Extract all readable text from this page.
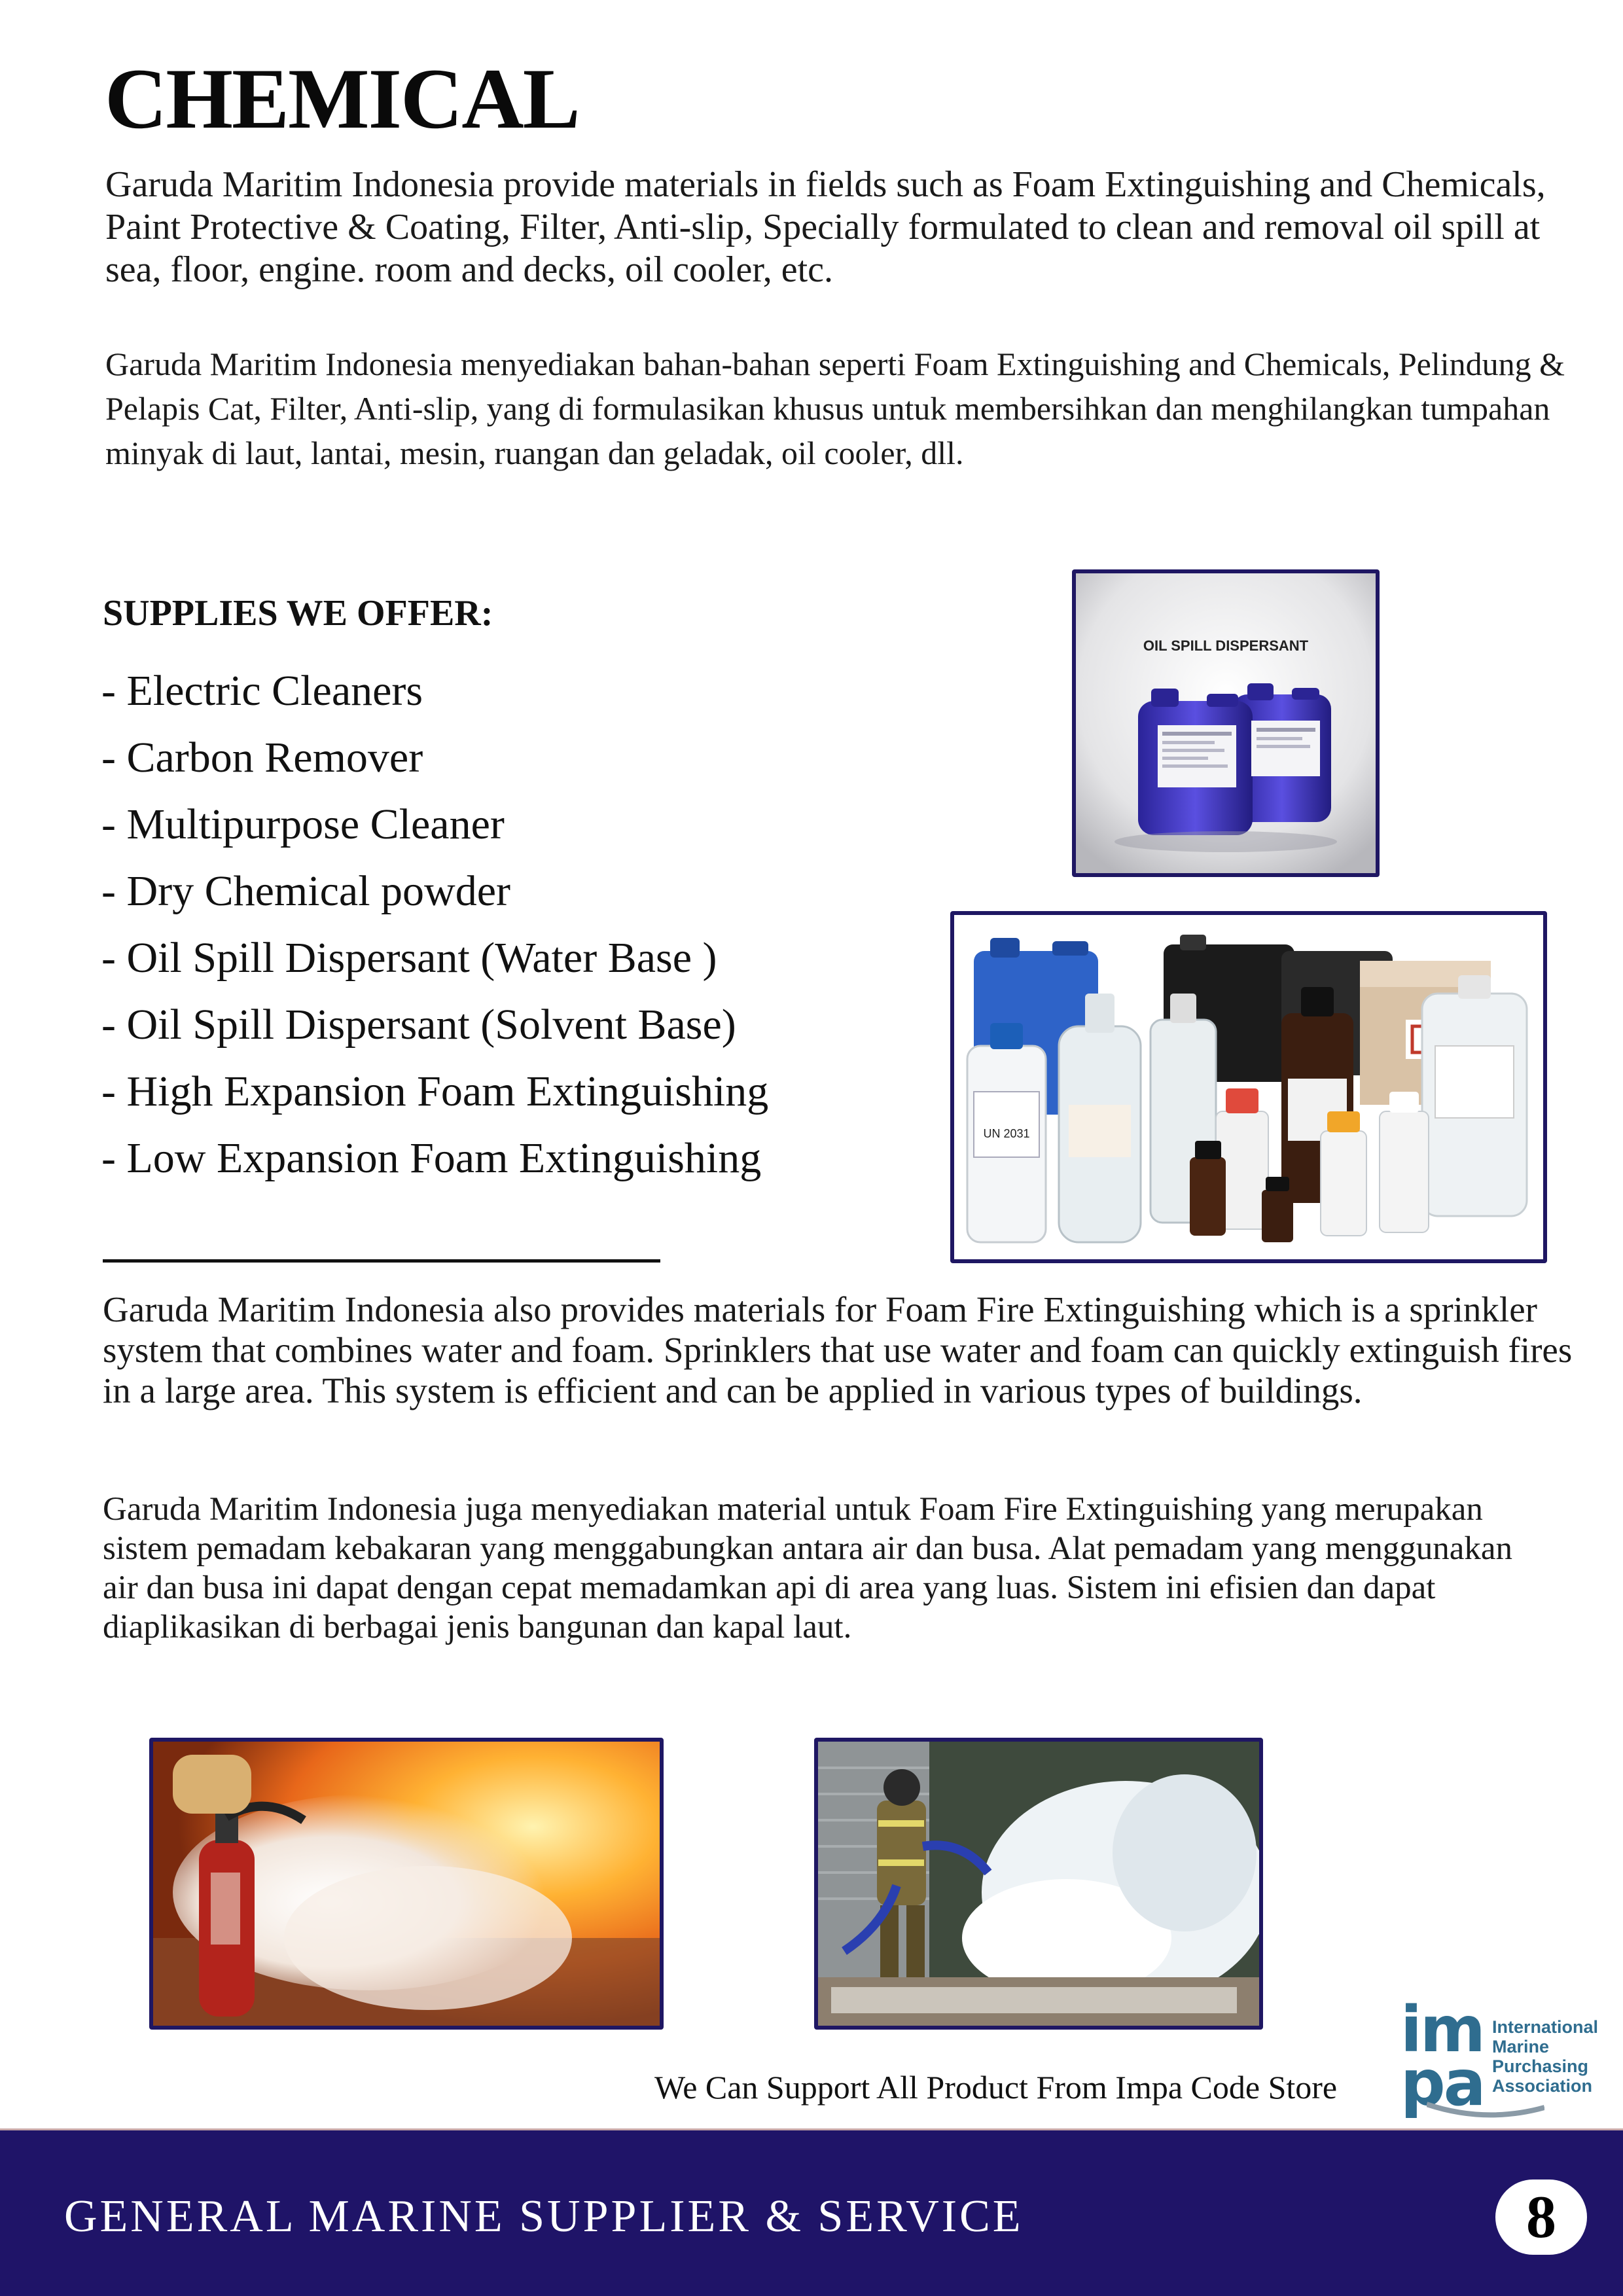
CHEMICAL
Garuda Maritim Indonesia provide materials in fields such as Foam Extinguishing and Chemicals, Paint Protective & Coating, Filter, Anti-slip, Specially formulated to clean and removal oil spill at sea, floor, engine. room and decks, oil cooler, etc.
Garuda Maritim Indonesia menyediakan bahan-bahan seperti Foam Extinguishing and Chemicals, Pelindung & Pelapis Cat, Filter, Anti-slip, yang di formulasikan khusus untuk membersihkan dan menghilangkan tumpahan minyak di laut, lantai, mesin, ruangan dan geladak, oil cooler, dll.
SUPPLIES WE OFFER:
- Electric Cleaners
- Carbon Remover
- Multipurpose Cleaner
- Dry Chemical powder
- Oil Spill Dispersant (Water Base )
- Oil Spill Dispersant (Solvent Base)
- High Expansion Foam Extinguishing
- Low Expansion Foam Extinguishing
OIL SPILL DISPERSANT
UN 2031
Garuda Maritim Indonesia also provides materials for Foam Fire Extinguishing which is a sprinkler system that combines water and foam. Sprinklers that use water and foam can quickly extinguish fires in a large area. This system is efficient and can be applied in various types of buildings.
Garuda Maritim Indonesia juga menyediakan material untuk Foam Fire Extinguishing yang merupakan sistem pemadam kebakaran yang menggabungkan antara air dan busa. Alat pemadam yang menggunakan air dan busa ini dapat dengan cepat memadamkan api di area yang luas. Sistem ini efisien dan dapat diaplikasikan di berbagai jenis bangunan dan kapal laut.
We Can Support All Product From Impa Code Store
im
pa
International
Marine
Purchasing
Association
GENERAL MARINE SUPPLIER & SERVICE	8
